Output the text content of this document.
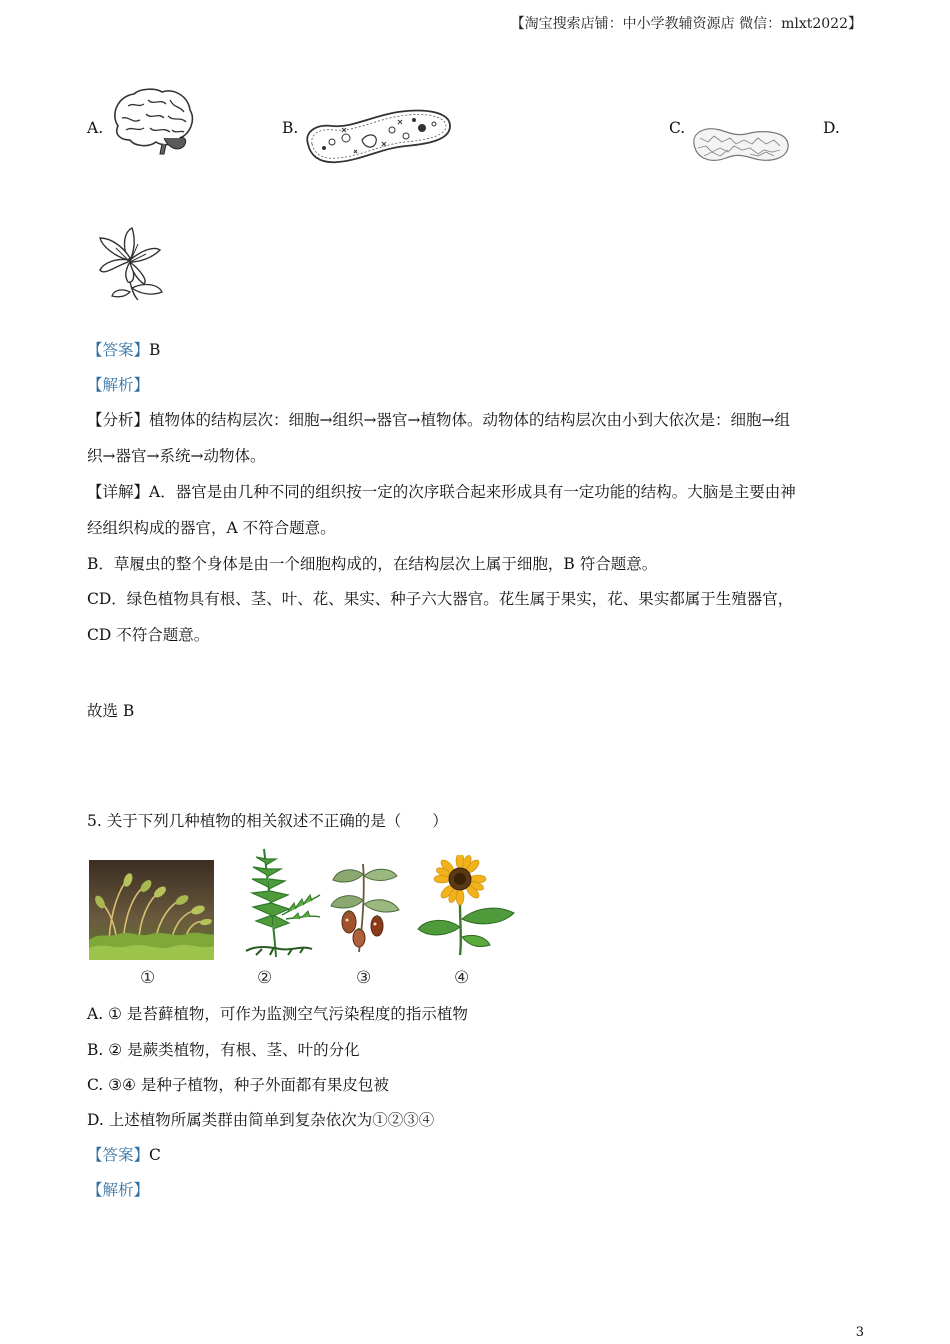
【淘宝搜索店铺：中小学教辅资源店 微信：mlxt2022】
A.	B.	C.	D.
【答案】B
【解析】
【分析】植物体的结构层次：细胞→组织→器官→植物体。动物体的结构层次由小到大依次是：细胞→组
织→器官→系统→动物体。
【详解】A．器官是由几种不同的组织按一定的次序联合起来形成具有一定功能的结构。大脑是主要由神
经组织构成的器官，A 不符合题意。
B．草履虫的整个身体是由一个细胞构成的，在结构层次上属于细胞，B 符合题意。
CD．绿色植物具有根、茎、叶、花、果实、种子六大器官。花生属于果实，花、果实都属于生殖器官，
CD 不符合题意。
故选 B
5. 关于下列几种植物的相关叙述不正确的是（　　）
①	②	③	④
A. ① 是苔藓植物，可作为监测空气污染程度的指示植物
B. ② 是蕨类植物，有根、茎、叶的分化
C. ③④ 是种子植物，种子外面都有果皮包被
D. 上述植物所属类群由简单到复杂依次为①②③④
【答案】C
【解析】
3
